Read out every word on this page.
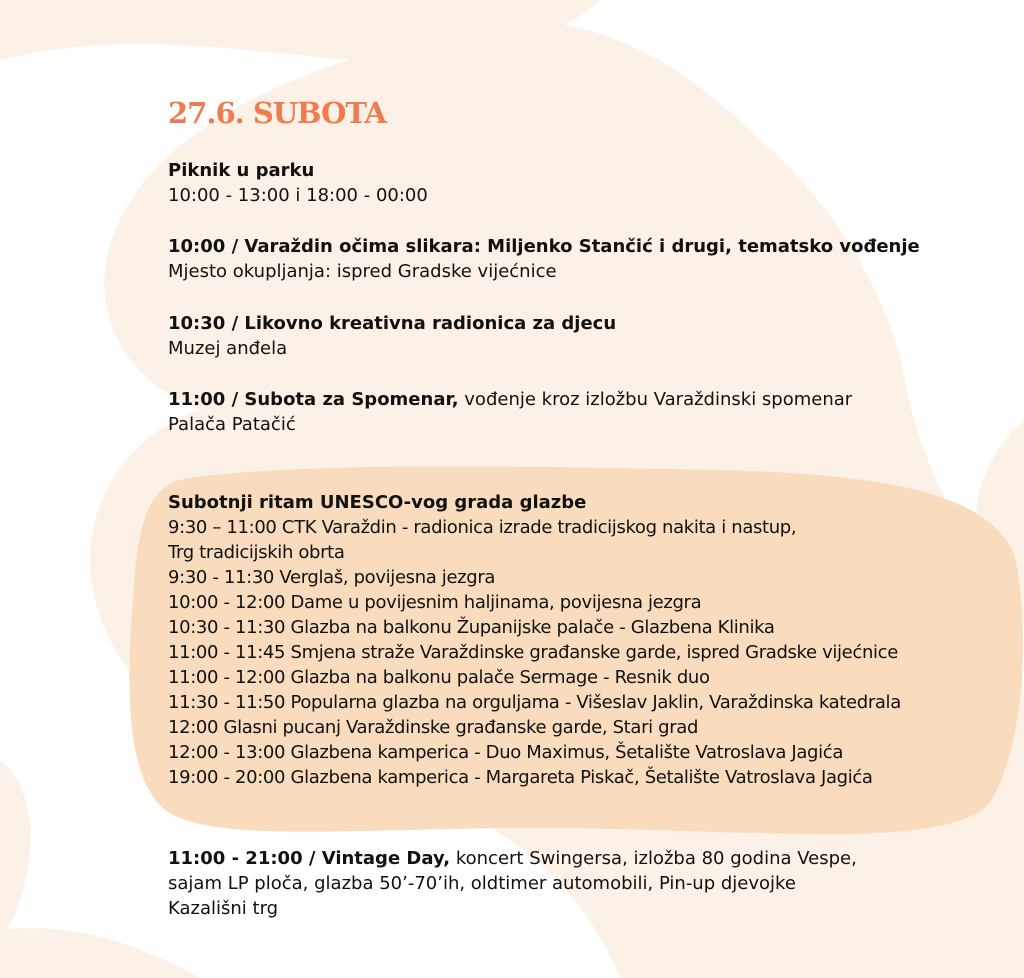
27.6. SUBOTA
Piknik u parku
10:00 - 13:00 i 18:00 - 00:00
10:00 / Varaždin očima slikara: Miljenko Stančić i drugi, tematsko vođenje
Mjesto okupljanja: ispred Gradske vijećnice
10:30 / Likovno kreativna radionica za djecu
Muzej anđela
11:00 / Subota za Spomenar, vođenje kroz izložbu Varaždinski spomenar
Palača Patačić
Subotnji ritam UNESCO-vog grada glazbe
9:30 – 11:00 CTK Varaždin - radionica izrade tradicijskog nakita i nastup,
Trg tradicijskih obrta
9:30 - 11:30 Verglaš, povijesna jezgra
10:00 - 12:00 Dame u povijesnim haljinama, povijesna jezgra
10:30 - 11:30 Glazba na balkonu Županijske palače - Glazbena Klinika
11:00 - 11:45 Smjena straže Varaždinske građanske garde, ispred Gradske vijećnice
11:00 - 12:00 Glazba na balkonu palače Sermage - Resnik duo
11:30 - 11:50 Popularna glazba na orguljama - Višeslav Jaklin, Varaždinska katedrala
12:00 Glasni pucanj Varaždinske građanske garde, Stari grad
12:00 - 13:00 Glazbena kamperica - Duo Maximus, Šetalište Vatroslava Jagića
19:00 - 20:00 Glazbena kamperica - Margareta Piskač, Šetalište Vatroslava Jagića
11:00 - 21:00 / Vintage Day, koncert Swingersa, izložba 80 godina Vespe,
sajam LP ploča, glazba 50’-70’ih, oldtimer automobili, Pin-up djevojke
Kazališni trg
